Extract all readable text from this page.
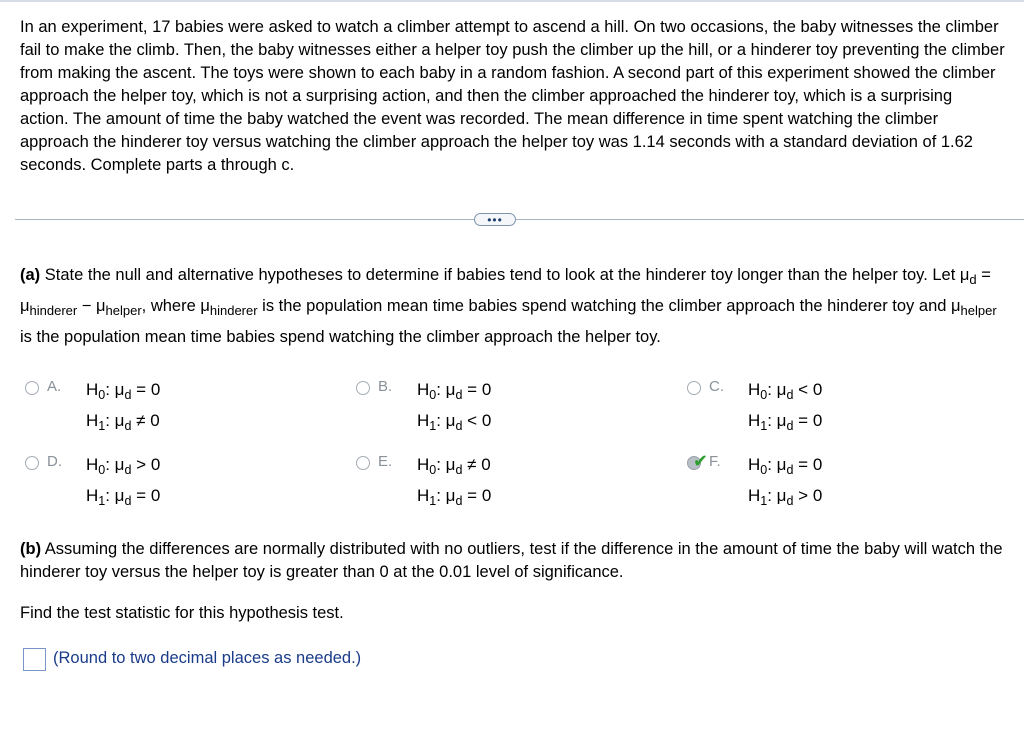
In an experiment, 17 babies were asked to watch a climber attempt to ascend a hill. On two occasions, the baby witnesses the climber fail to make the climb. Then, the baby witnesses either a helper toy push the climber up the hill, or a hinderer toy preventing the climber from making the ascent. The toys were shown to each baby in a random fashion. A second part of this experiment showed the climber approach the helper toy, which is not a surprising action, and then the climber approached the hinderer toy, which is a surprising action. The amount of time the baby watched the event was recorded. The mean difference in time spent watching the climber approach the hinderer toy versus watching the climber approach the helper toy was 1.14 seconds with a standard deviation of 1.62 seconds. Complete parts a through c.
•••
(a) State the null and alternative hypotheses to determine if babies tend to look at the hinderer toy longer than the helper toy. Let $\mu_d = \mu_{hinderer} - \mu_{helper}$, where $\mu_{hinderer}$ is the population mean time babies spend watching the climber approach the hinderer toy and $\mu_{helper}$ is the population mean time babies spend watching the climber approach the helper toy.
A. $H_0$: $\mu_d = 0$
$H_1$: $\mu_d \ne 0$
B. $H_0$: $\mu_d = 0$
$H_1$: $\mu_d < 0$
C. $H_0$: $\mu_d < 0$
$H_1$: $\mu_d = 0$
D. $H_0$: $\mu_d > 0$
$H_1$: $\mu_d = 0$
E. $H_0$: $\mu_d \ne 0$
$H_1$: $\mu_d = 0$
✔ F. $H_0$: $\mu_d = 0$
$H_1$: $\mu_d > 0$
(b) Assuming the differences are normally distributed with no outliers, test if the difference in the amount of time the baby will watch the hinderer toy versus the helper toy is greater than 0 at the 0.01 level of significance.
Find the test statistic for this hypothesis test.
(Round to two decimal places as needed.)
